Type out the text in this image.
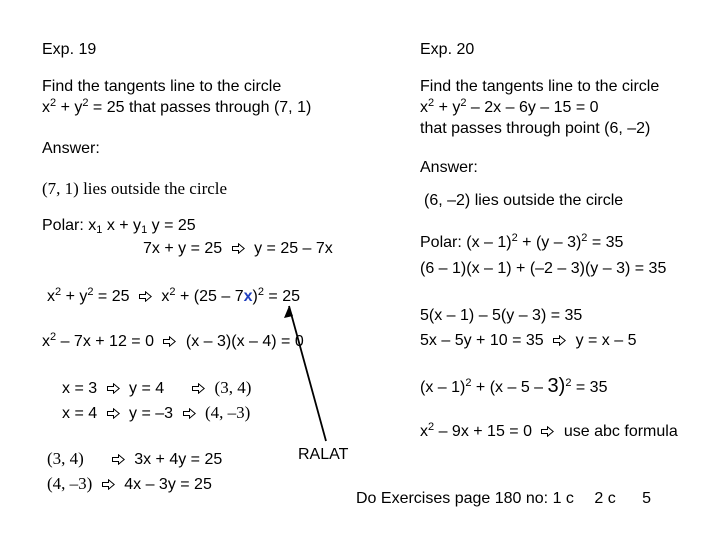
Exp. 19
Find the tangents line to the circle
$x^2 + y^2 = 25$ that passes through (7, 1)
Answer:
(7, 1) lies outside the circle
Polar: $x_1$ $x + y_1$ y = 25
7x + y = 25 y = 25 – 7x
$x^2 + y^2 = 25$ $x^2 + (25 - 7x)^2 = 25$
$x^2 - 7x + 12 = 0$ (x – 3)(x – 4) = 0
x = 3 y = 4	(3, 4)
x = 4 y = –3 (4, –3)
(3, 4)	3x + 4y = 25
(4, –3) 4x – 3y = 25
Exp. 20
Find the tangents line to the circle
$x^2 + y^2 - 2x - 6y - 15 = 0$
that passes through point (6, –2)
Answer:
(6, –2) lies outside the circle
Polar: (x – 1)$^2$ + (y – 3)$^2$ = 35
(6 – 1)(x – 1) + (–2 – 3)(y – 3) = 35
5(x – 1) – 5(y – 3) = 35
5x – 5y + 10 = 35 y = x – 5
(x – 1)$^2$ + (x – 5 – 3)$^2$ = 35
$x^2 - 9x + 15 = 0$ use abc formula
RALAT
Do Exercises page 180 no: 1 c 2 c 5
